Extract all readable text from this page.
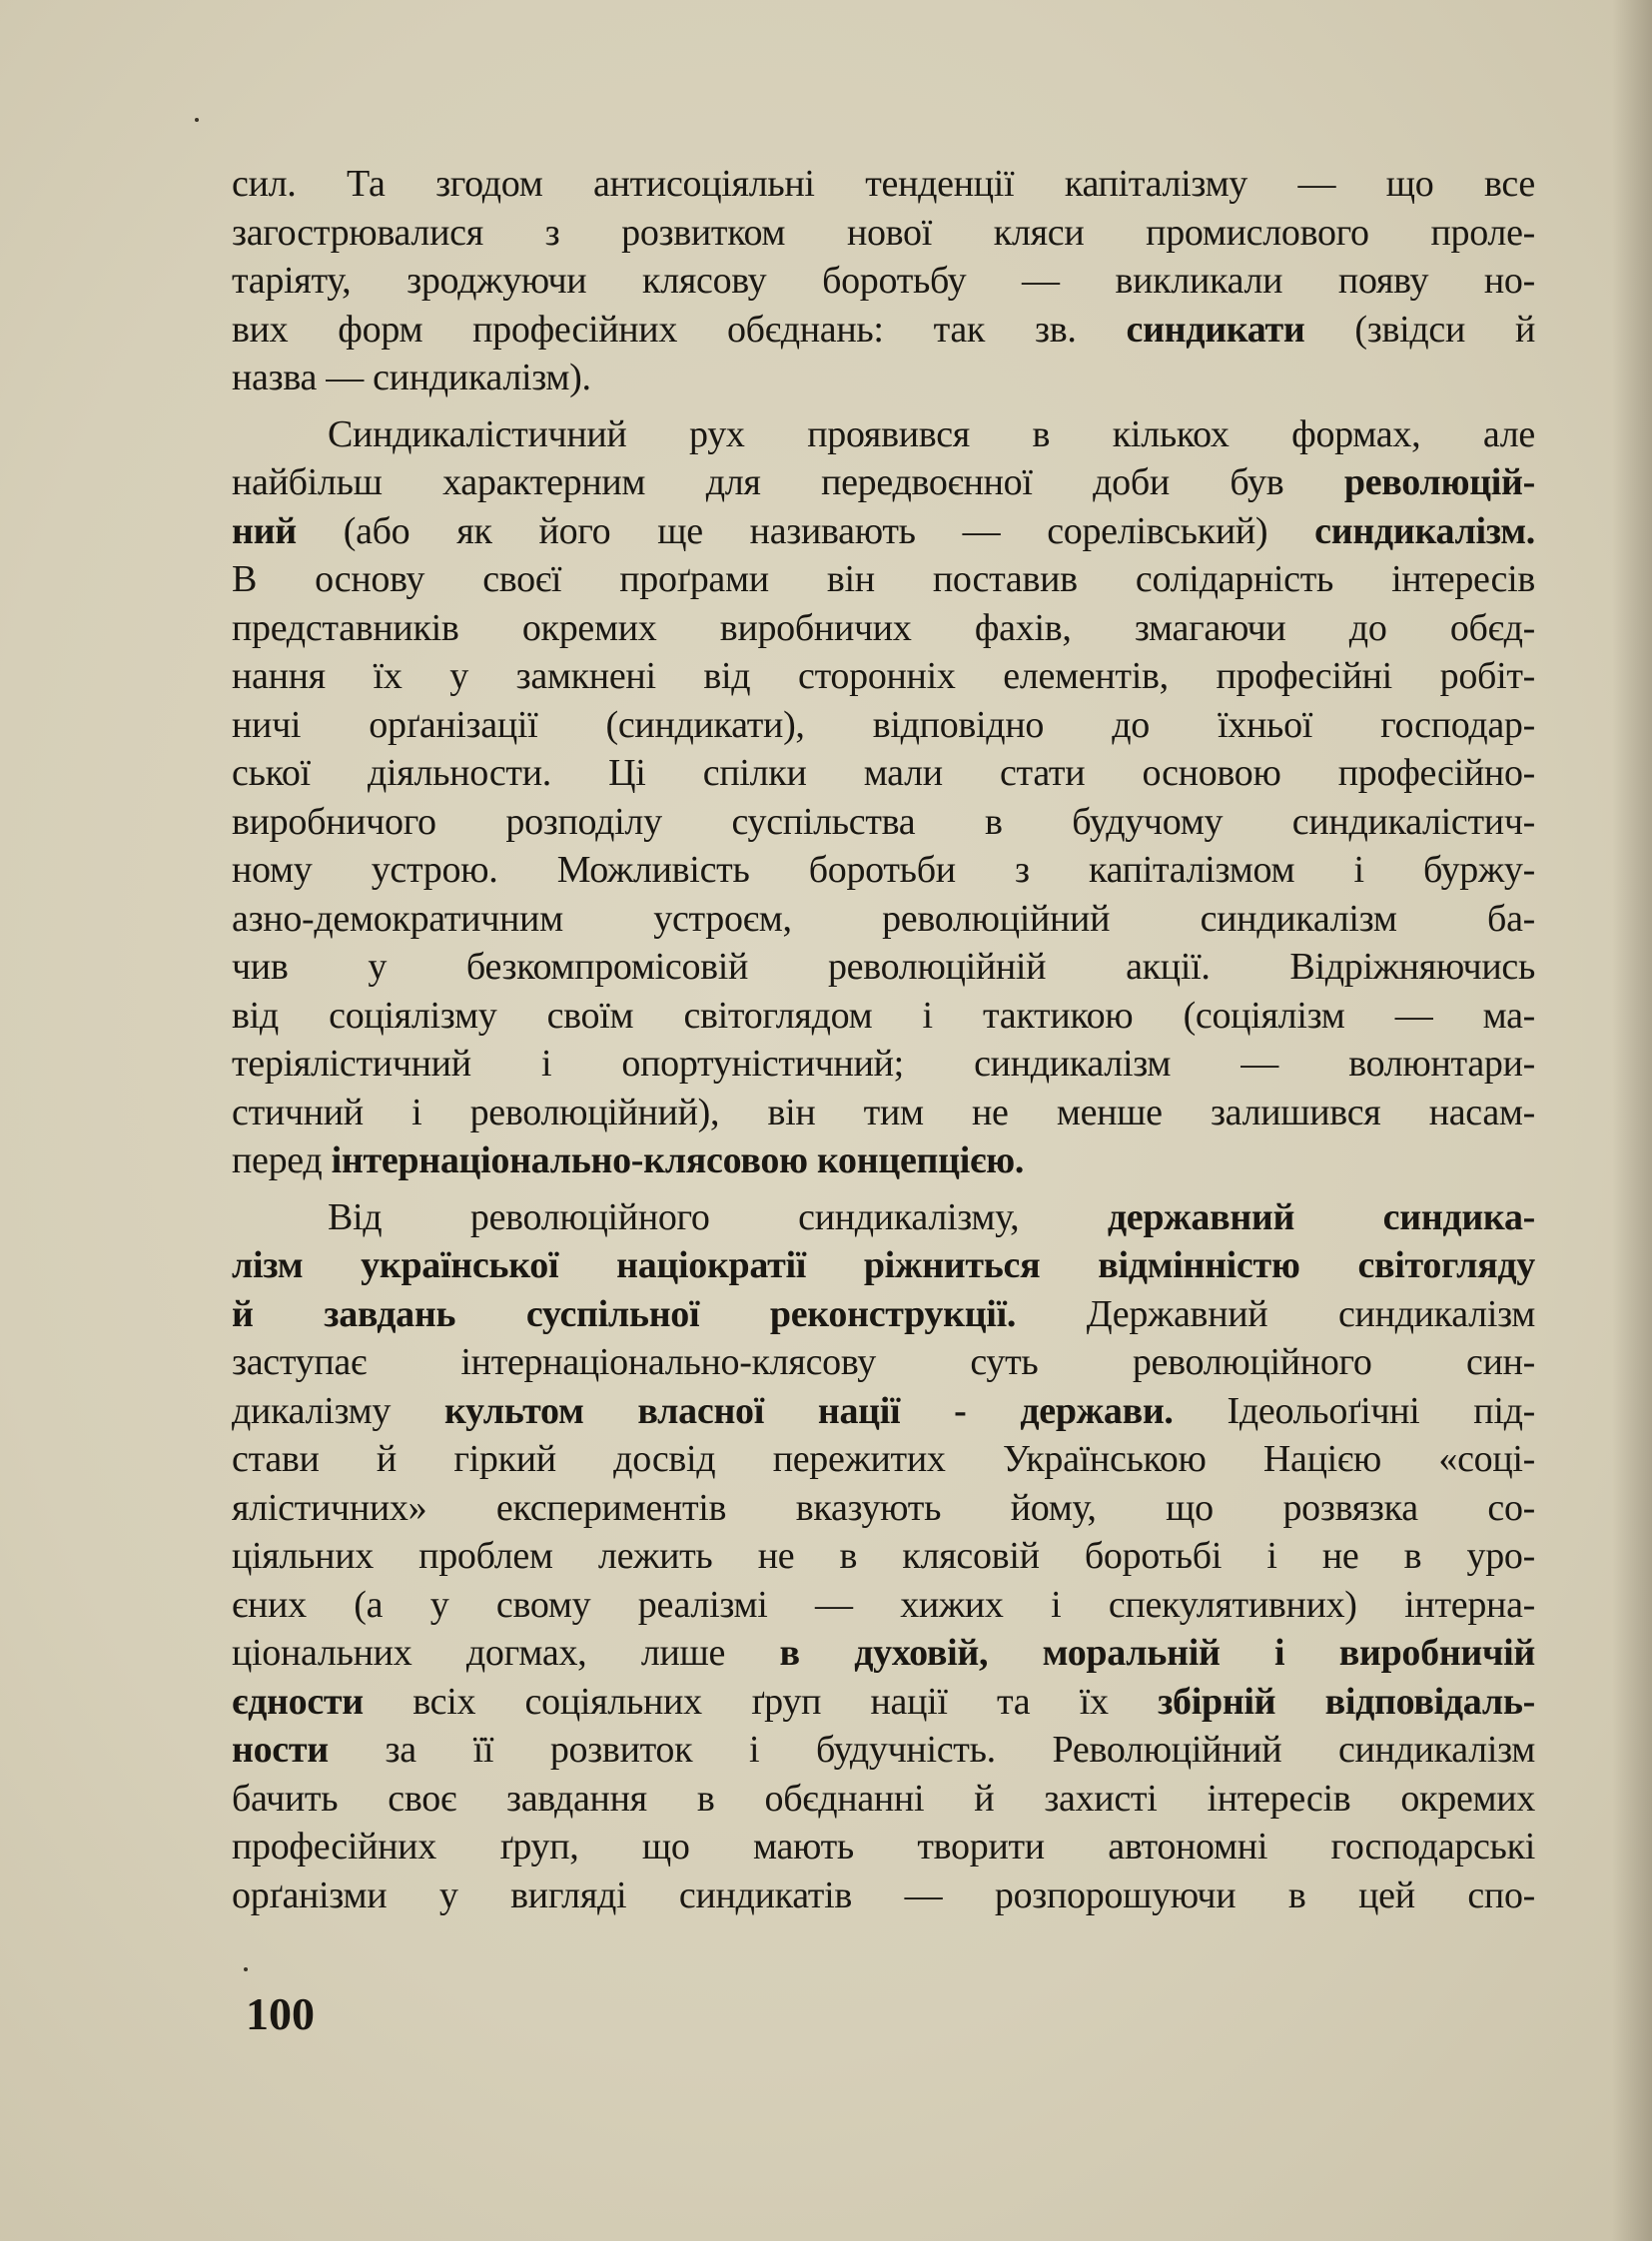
сил. Та згодом антисоціяльні тенденції капіталізму — що все
загострювалися з розвитком нової кляси промислового проле-
таріяту, зроджуючи клясову боротьбу — викликали появу но-
вих форм професійних обєднань: так зв. синдикати (звідси й
назва — синдикалізм).
Синдикалістичний рух проявився в кількох формах, але
найбільш характерним для передвоєнної доби був революцій-
ний (або як його ще називають — сорелівський) синдикалізм.
В основу своєї проґрами він поставив солідарність інтересів
представників окремих виробничих фахів, змагаючи до обєд-
нання їх у замкнені від сторонніх елементів, професійні робіт-
ничі орґанізації (синдикати), відповідно до їхньої господар-
ської діяльности. Ці спілки мали стати основою професійно-
виробничого розподілу суспільства в будучому синдикалістич-
ному устрою. Можливість боротьби з капіталізмом і буржу-
азно-демократичним устроєм, революційний синдикалізм ба-
чив у безкомпромісовій революційній акції. Відріжняючись
від соціялізму своїм світоглядом і тактикою (соціялізм — ма-
теріялістичний і опортуністичний; синдикалізм — волюнтари-
стичний і революційний), він тим не менше залишився насам-
перед інтернаціонально-клясовою концепцією.
Від революційного синдикалізму, державний синдика-
лізм української націократії ріжниться відмінністю світогляду
й завдань суспільної реконструкції. Державний синдикалізм
заступає інтернаціонально-клясову суть революційного син-
дикалізму культом власної нації - держави. Ідеольоґічні під-
стави й гіркий досвід пережитих Українською Нацією «соці-
ялістичних» експериментів вказують йому, що розвязка со-
ціяльних проблем лежить не в клясовій боротьбі і не в уро-
єних (а у свому реалізмі — хижих і спекулятивних) інтерна-
ціональних догмах, лише в духовій, моральній і виробничій
єдности всіх соціяльних ґруп нації та їх збірній відповідаль-
ности за її розвиток і будучність. Революційний синдикалізм
бачить своє завдання в обєднанні й захисті інтересів окремих
професійних ґруп, що мають творити автономні господарські
орґанізми у вигляді синдикатів — розпорошуючи в цей спо-
100
